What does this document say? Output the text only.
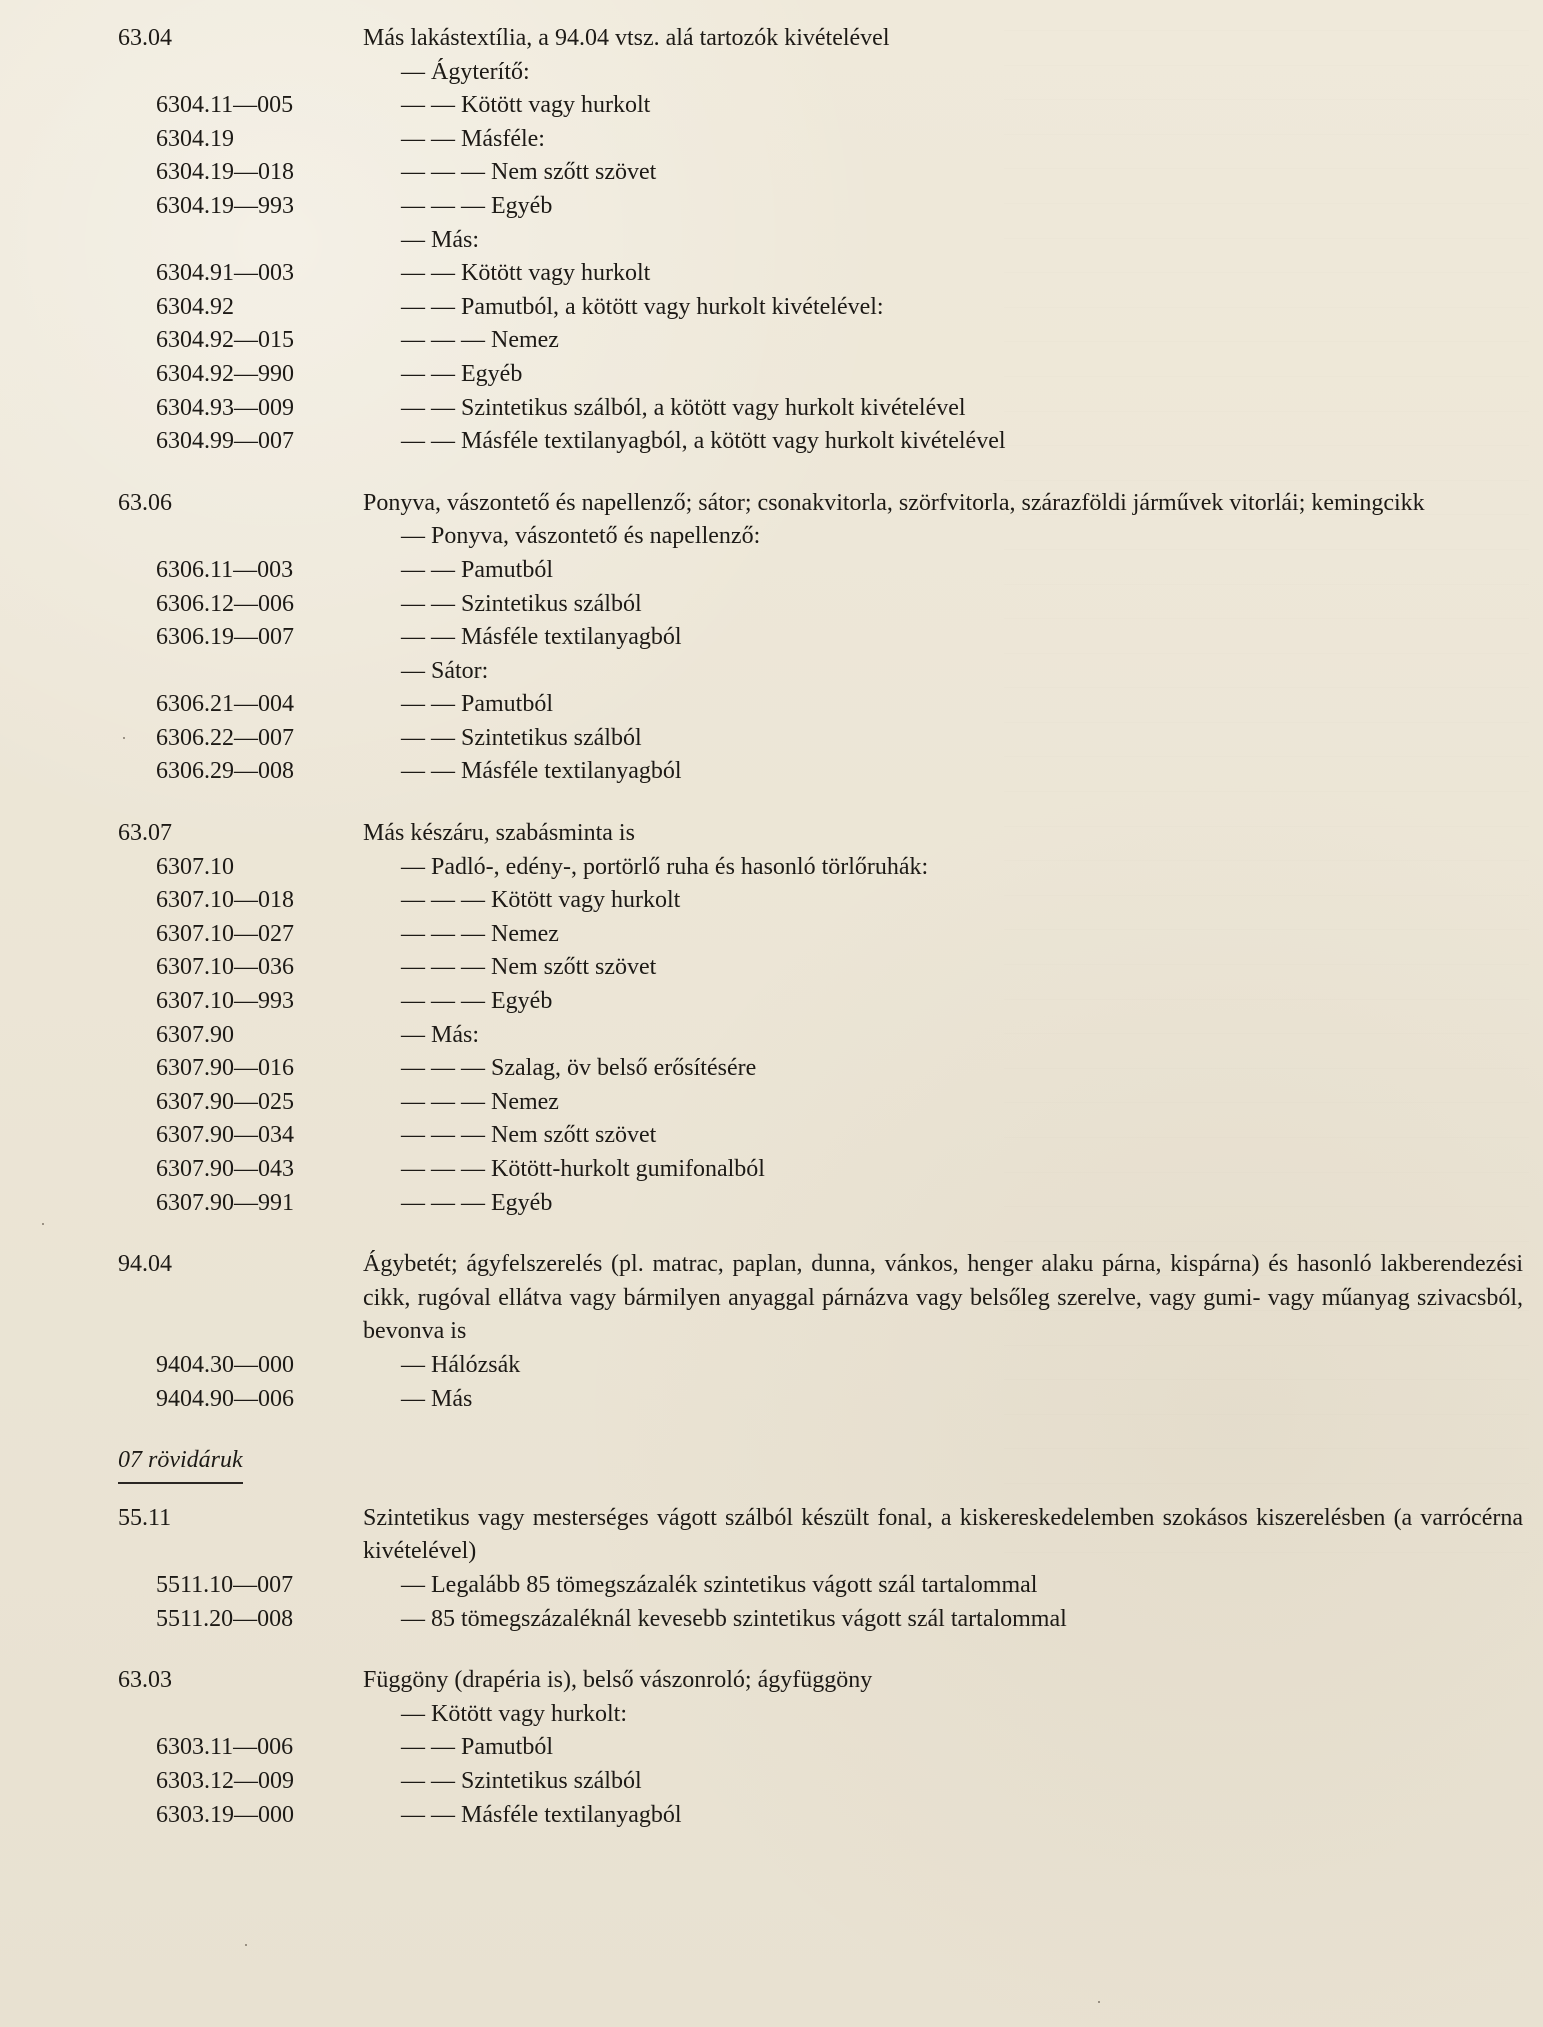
63.04	Más lakástextília, a 94.04 vtsz. alá tartozók kivételével
— Ágyterítő:
6304.11—005	— — Kötött vagy hurkolt
6304.19	— — Másféle:
6304.19—018	— — — Nem szőtt szövet
6304.19—993	— — — Egyéb
— Más:
6304.91—003	— — Kötött vagy hurkolt
6304.92	— — Pamutból, a kötött vagy hurkolt kivételével:
6304.92—015	— — — Nemez
6304.92—990	— — Egyéb
6304.93—009	— — Szintetikus szálból, a kötött vagy hurkolt kivételével
6304.99—007	— — Másféle textilanyagból, a kötött vagy hurkolt kivételével
63.06	Ponyva, vászontető és napellenző; sátor; csonakvitorla, szörfvitorla, szárazföldi járművek vitorlái; kemingcikk
— Ponyva, vászontető és napellenző:
6306.11—003	— — Pamutból
6306.12—006	— — Szintetikus szálból
6306.19—007	— — Másféle textilanyagból
— Sátor:
6306.21—004	— — Pamutból
6306.22—007	— — Szintetikus szálból
6306.29—008	— — Másféle textilanyagból
63.07	Más készáru, szabásminta is
6307.10	— Padló-, edény-, portörlő ruha és hasonló törlőruhák:
6307.10—018	— — — Kötött vagy hurkolt
6307.10—027	— — — Nemez
6307.10—036	— — — Nem szőtt szövet
6307.10—993	— — — Egyéb
6307.90	— Más:
6307.90—016	— — — Szalag, öv belső erősítésére
6307.90—025	— — — Nemez
6307.90—034	— — — Nem szőtt szövet
6307.90—043	— — — Kötött-hurkolt gumifonalból
6307.90—991	— — — Egyéb
94.04	Ágybetét; ágyfelszerelés (pl. matrac, paplan, dunna, vánkos, henger alaku párna, kispárna) és hasonló lakberendezési cikk, rugóval ellátva vagy bármilyen anyaggal párnázva vagy belsőleg szerelve, vagy gumi- vagy műanyag szivacsból, bevonva is
9404.30—000	— Hálózsák
9404.90—006	— Más
07 rövidáruk
55.11	Szintetikus vagy mesterséges vágott szálból készült fonal, a kiskereskedelemben szokásos kiszerelésben (a varrócérna kivételével)
5511.10—007	— Legalább 85 tömegszázalék szintetikus vágott szál tartalommal
5511.20—008	— 85 tömegszázaléknál kevesebb szintetikus vágott szál tartalommal
63.03	Függöny (drapéria is), belső vászonroló; ágyfüggöny
— Kötött vagy hurkolt:
6303.11—006	— — Pamutból
6303.12—009	— — Szintetikus szálból
6303.19—000	— — Másféle textilanyagból
